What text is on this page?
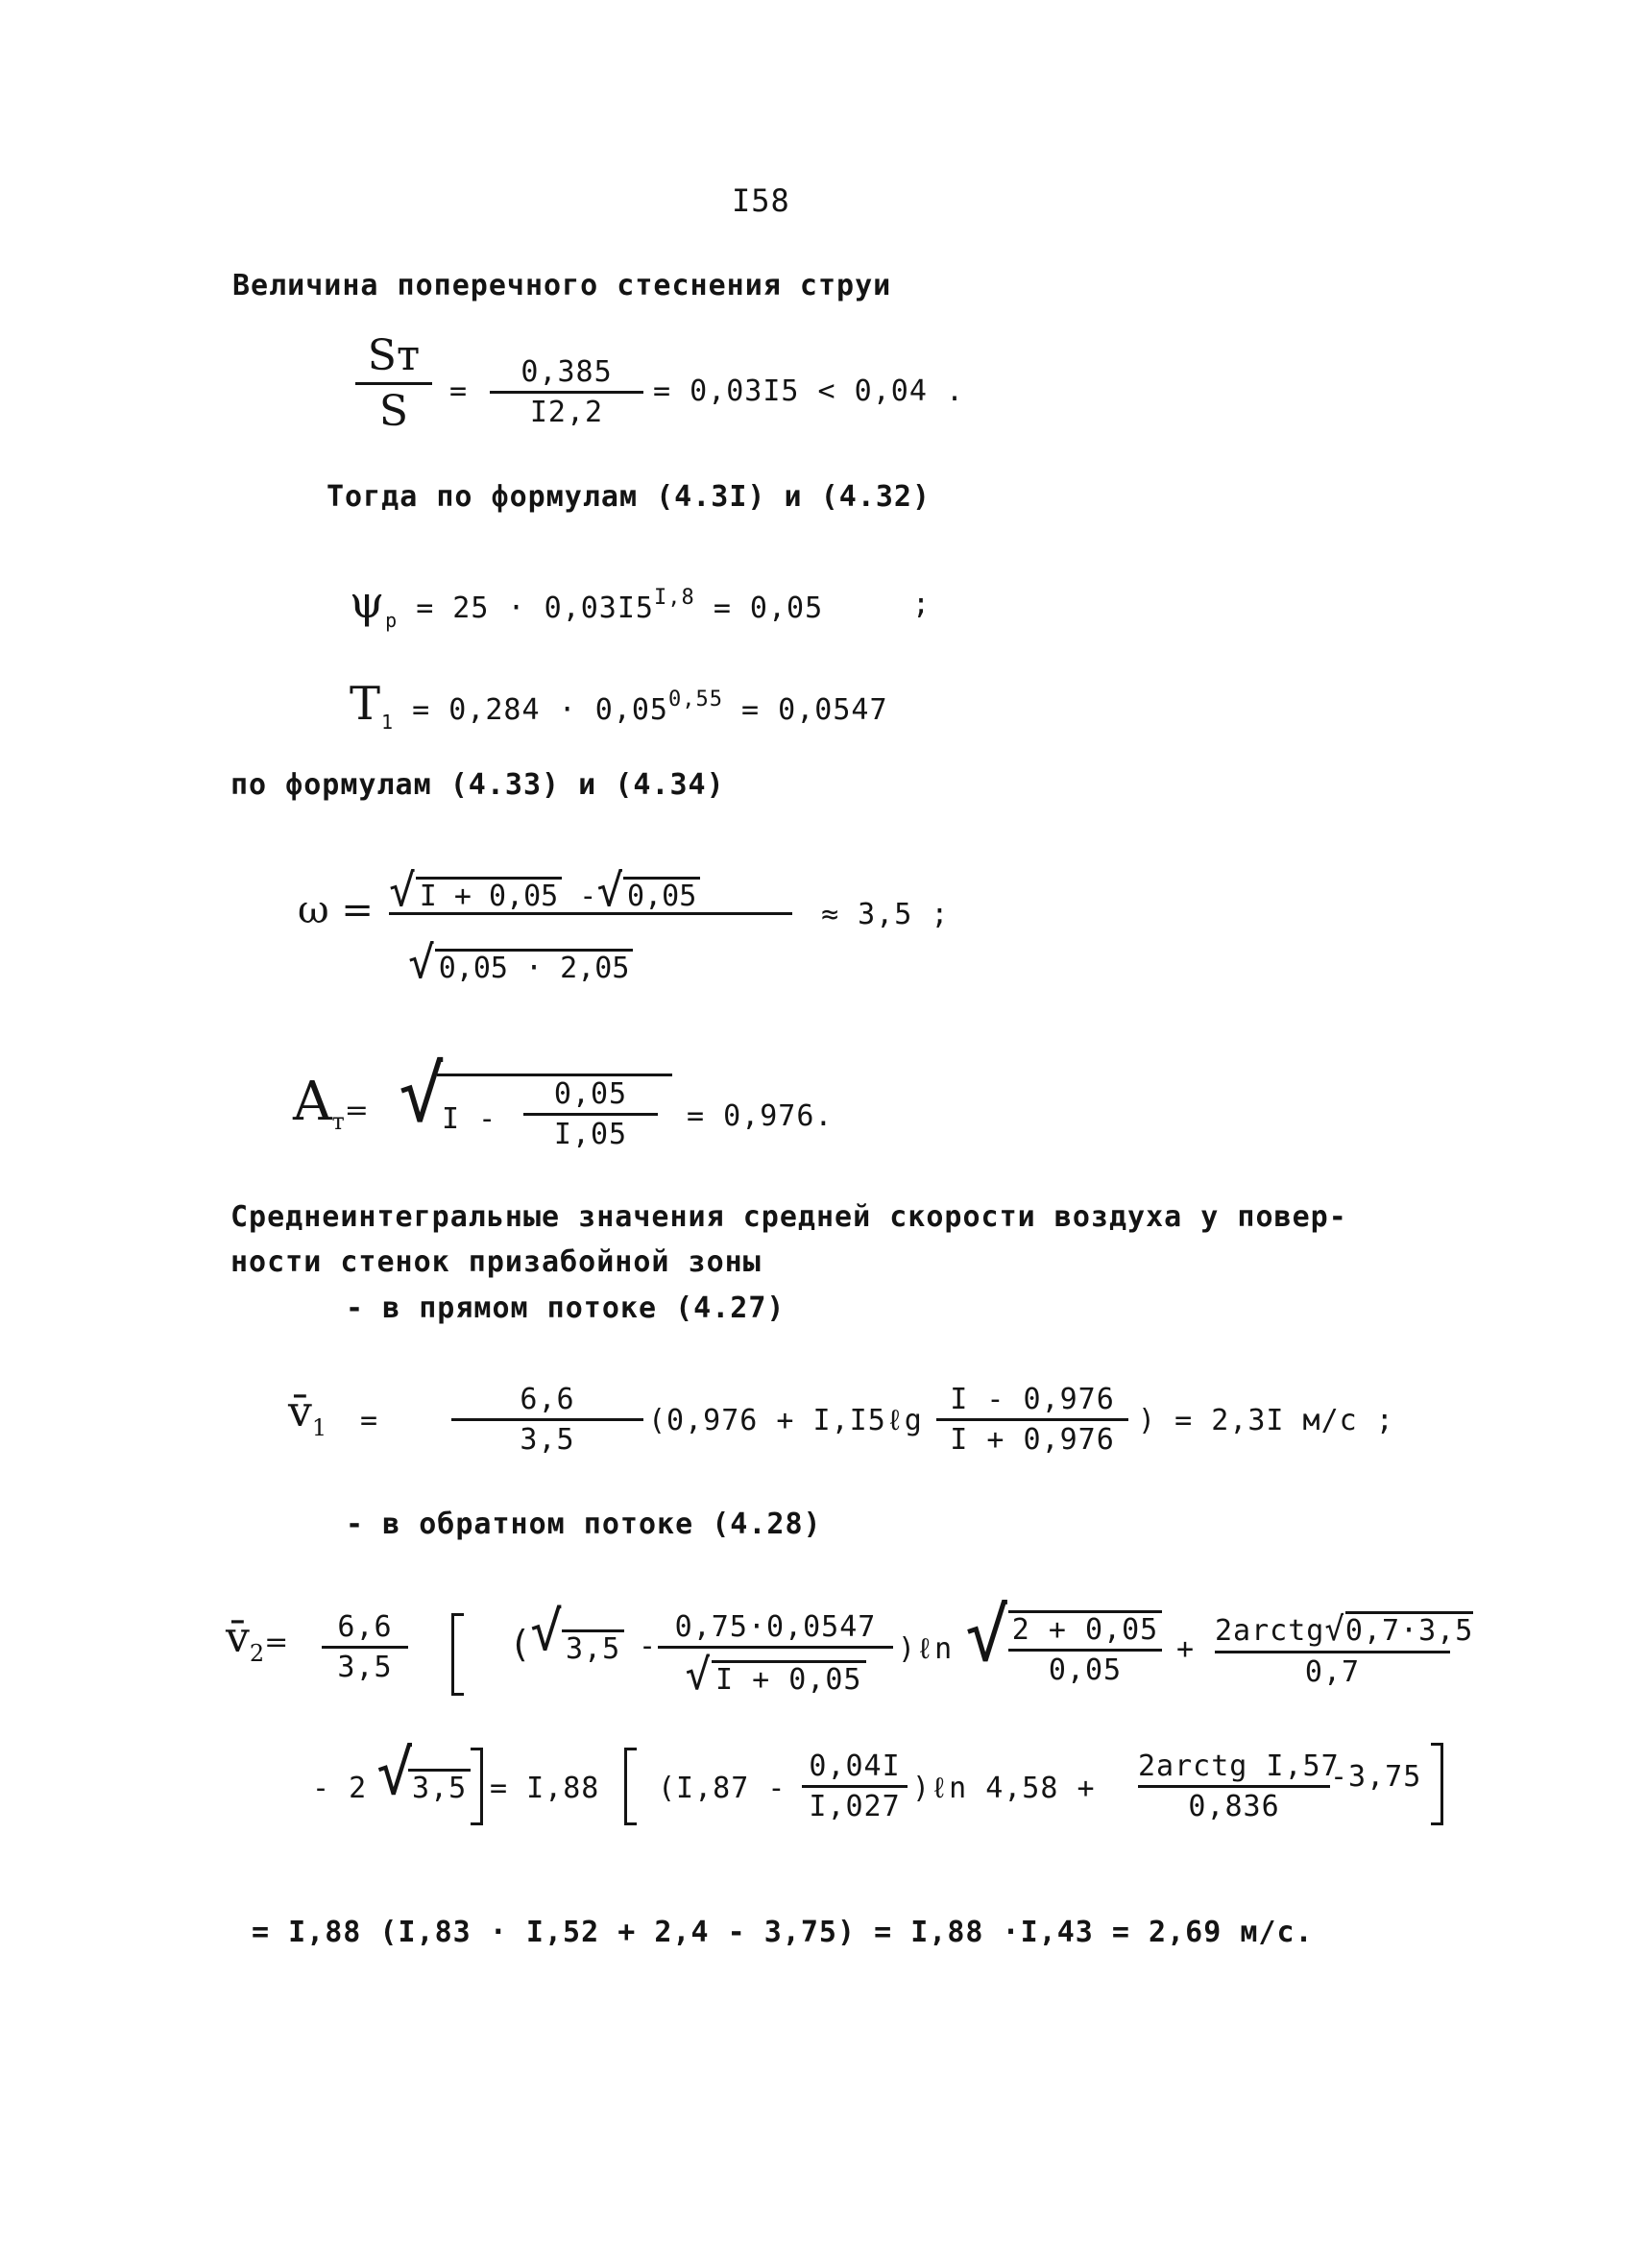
I58
Величина поперечного стеснения струи
Sт
S	=
0,385
I2,2
= 0,03I5 < 0,04 .
Тогда по формулам (4.3I) и (4.32)
$\psi_р = 25 \cdot 0,03I5^{I,8} = 0,05$	;
$T_1 = 0,284 \cdot 0,05^{0,55} = 0,0547$
по формулам (4.33) и (4.34)
ω = √ I + 0,05 -√ 0,05
√ 0,05 · 2,05
≈ 3,5 ;
$A_т=$ √
I -
0,05
I,05
= 0,976.
Среднеинтегральные значения средней скорости воздуха у повер-
ности стенок призабойной зоны
- в прямом потоке (4.27)
$v̄_1$ =
6,6
3,5
(0,976 + I,I5ℓg
I - 0,976
I + 0,976
) = 2,3I м/с ;
- в обратном потоке (4.28)
$v̄_2=$	6,6
3,5
(
√ 3,5 -
0,75·0,0547
√ I + 0,05
)ℓn √ 2 + 0,05
0,05
+
2arctg√0,7·3,5
0,7
- 2 √
3,5 = I,88 (I,87 -
0,04I
I,027
)ℓn 4,58 +
2arctg I,57
0,836
-3,75
= I,88 (I,83 · I,52 + 2,4 - 3,75) = I,88 ·I,43 = 2,69 м/с.
